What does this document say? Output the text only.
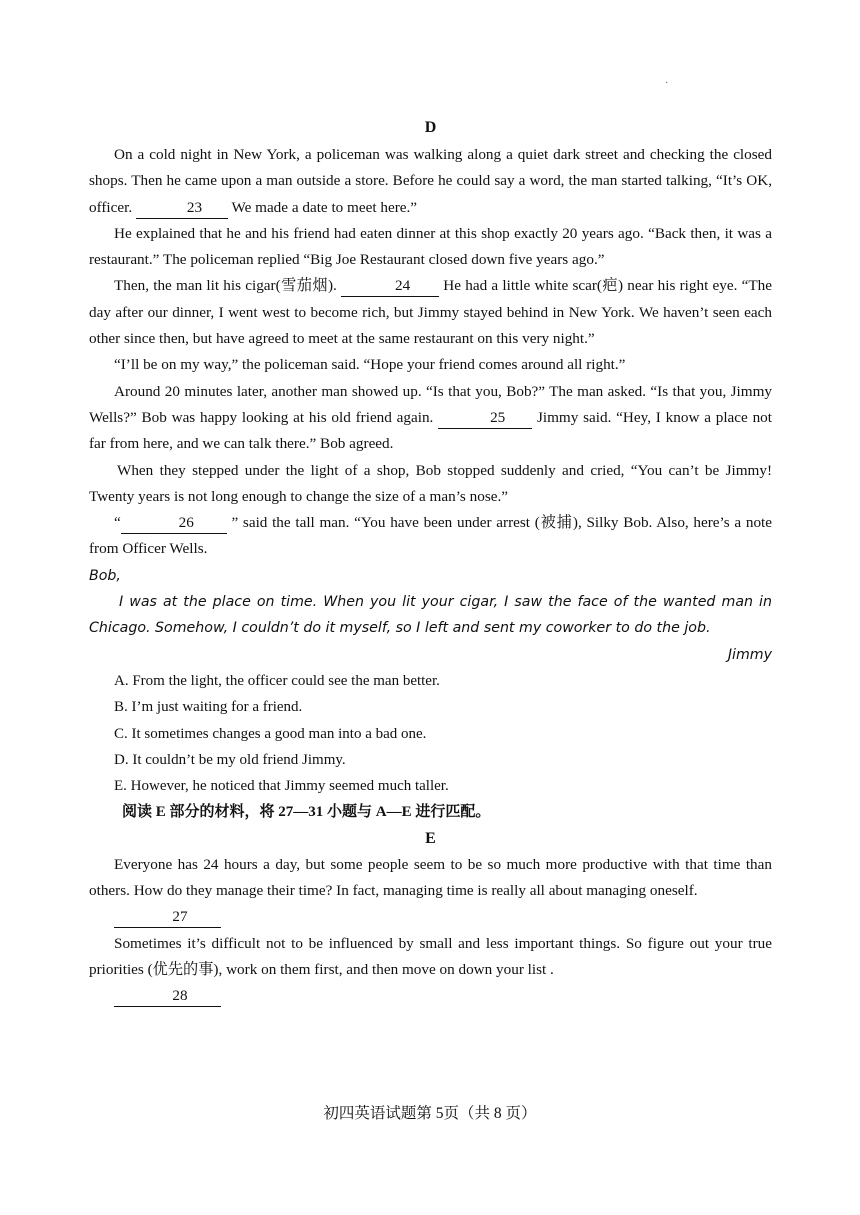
·
D

On a cold night in New York, a policeman was walking along a quiet dark street and checking the closed shops. Then he came upon a man outside a store. Before he could say a word, the man started talking, “It’s OK, officer.	23 We made a date to meet here.”

He explained that he and his friend had eaten dinner at this shop exactly 20 years ago. “Back then, it was a restaurant.” The policeman replied “Big Joe Restaurant closed down five years ago.”

Then, the man lit his cigar(雪茄烟).	24 He had a little white scar(疤) near his right eye. “The day after our dinner, I went west to become rich, but Jimmy stayed behind in New York. We haven’t seen each other since then, but have agreed to meet at the same restaurant on this very night.”

“I’ll be on my way,” the policeman said. “Hope your friend comes around all right.”

Around 20 minutes later, another man showed up. “Is that you, Bob?” The man asked. “Is that you, Jimmy Wells?” Bob was happy looking at his old friend again.	25 Jimmy said. “Hey, I know a place not far from here, and we can talk there.” Bob agreed.

When they stepped under the light of a shop, Bob stopped suddenly and cried, “You can’t be Jimmy! Twenty years is not long enough to change the size of a man’s nose.”

“	26 ” said the tall man. “You have been under arrest (被捕), Silky Bob. Also, here’s a note from Officer Wells.

Bob,
I was at the place on time. When you lit your cigar, I saw the face of the wanted man in Chicago. Somehow, I couldn’t do it myself, so I left and sent my coworker to do the job.
Jimmy
A. From the light, the officer could see the man better.
B. I’m just waiting for a friend.
C. It sometimes changes a good man into a bad one.
D. It couldn’t be my old friend Jimmy.
E. However, he noticed that Jimmy seemed much taller.
阅读 E 部分的材料，将 27—31 小题与 A—E 进行匹配。
E

Everyone has 24 hours a day, but some people seem to be so much more productive with that time than others. How do they manage their time? In fact, managing time is really all about managing oneself.

27

Sometimes it’s difficult not to be influenced by small and less important things. So figure out your true priorities (优先的事), work on them first, and then move on down your list .

28

初四英语试题第 5页（共 8 页）
